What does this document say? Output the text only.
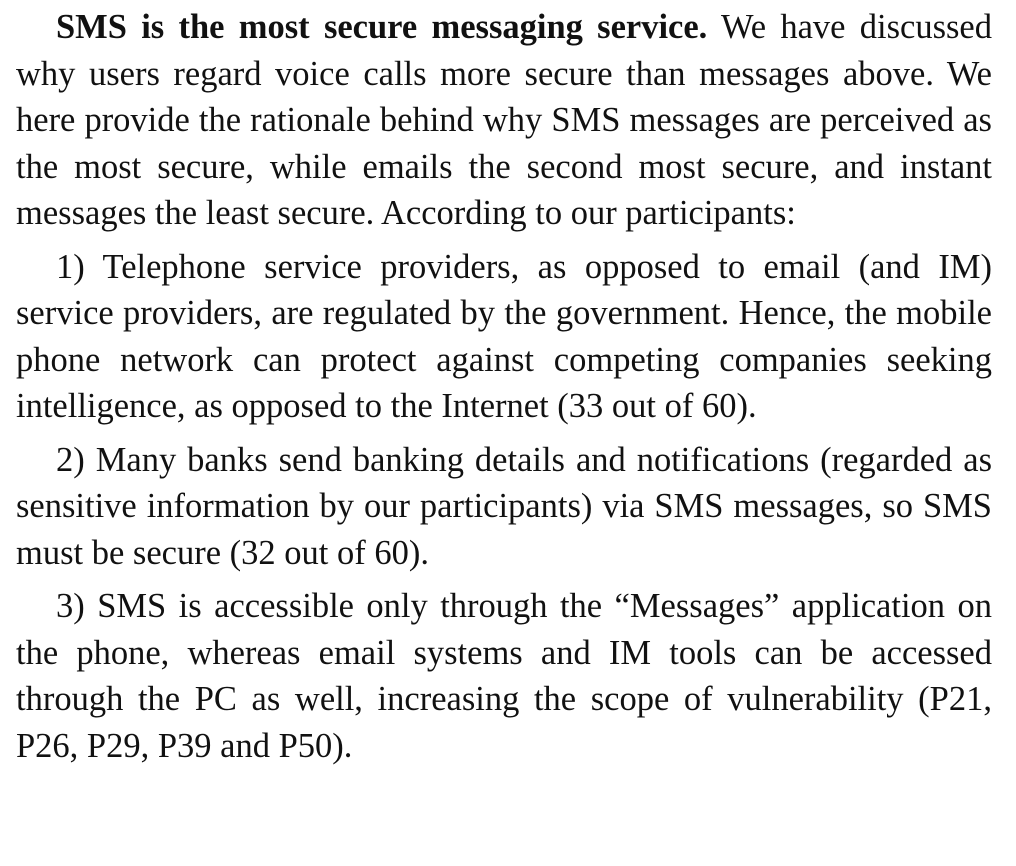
SMS is the most secure messaging service. We have discussed why users regard voice calls more secure than messages above. We here provide the rationale behind why SMS messages are perceived as the most secure, while emails the second most secure, and instant messages the least secure. According to our participants:

1) Telephone service providers, as opposed to email (and IM) service providers, are regulated by the government. Hence, the mobile phone network can protect against competing companies seeking intelligence, as opposed to the Internet (33 out of 60).

2) Many banks send banking details and notifications (regarded as sensitive information by our participants) via SMS messages, so SMS must be secure (32 out of 60).

3) SMS is accessible only through the “Messages” application on the phone, whereas email systems and IM tools can be accessed through the PC as well, increasing the scope of vulnerability (P21, P26, P29, P39 and P50).
